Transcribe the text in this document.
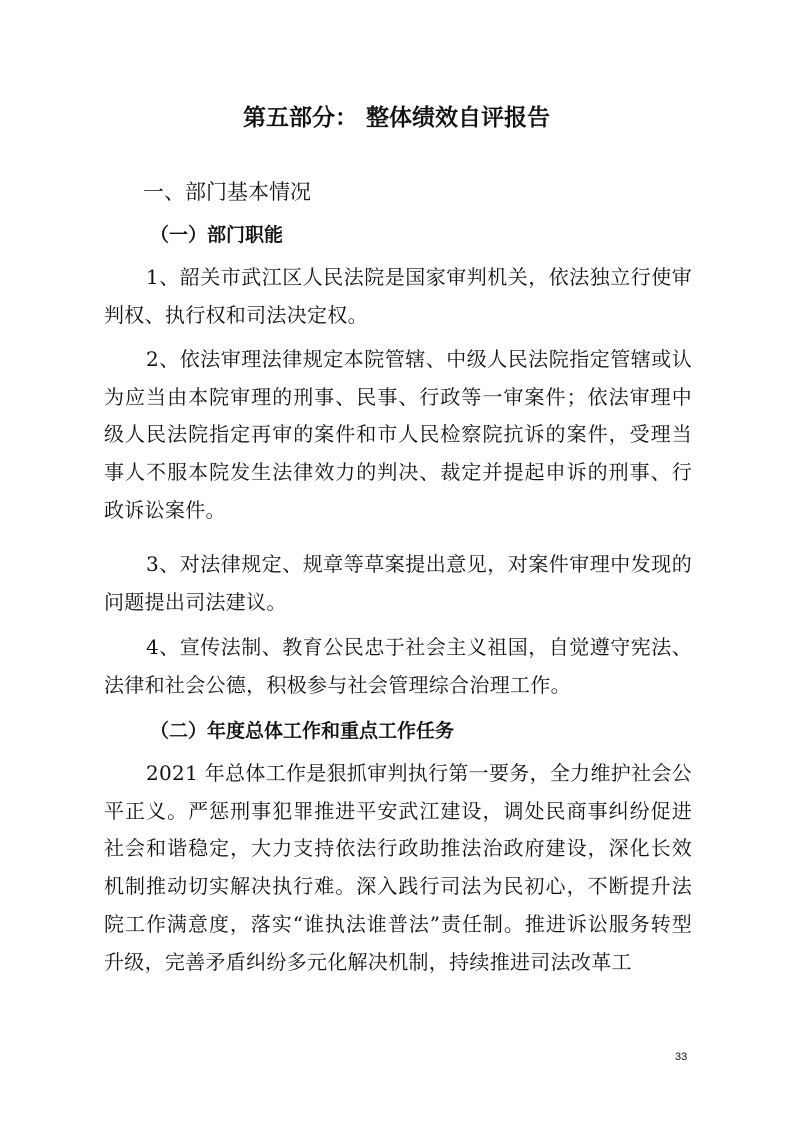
第五部分： 整体绩效自评报告
一、部门基本情况
（一）部门职能
1、韶关市武江区人民法院是国家审判机关，依法独立行使审判权、执行权和司法决定权。
2、依法审理法律规定本院管辖、中级人民法院指定管辖或认为应当由本院审理的刑事、民事、行政等一审案件；依法审理中级人民法院指定再审的案件和市人民检察院抗诉的案件，受理当事人不服本院发生法律效力的判决、裁定并提起申诉的刑事、行政诉讼案件。
3、对法律规定、规章等草案提出意见，对案件审理中发现的问题提出司法建议。
4、宣传法制、教育公民忠于社会主义祖国，自觉遵守宪法、法律和社会公德，积极参与社会管理综合治理工作。
（二）年度总体工作和重点工作任务
2021 年总体工作是狠抓审判执行第一要务，全力维护社会公平正义。严惩刑事犯罪推进平安武江建设，调处民商事纠纷促进社会和谐稳定，大力支持依法行政助推法治政府建设，深化长效机制推动切实解决执行难。深入践行司法为民初心，不断提升法院工作满意度，落实“谁执法谁普法”责任制。推进诉讼服务转型升级，完善矛盾纠纷多元化解决机制，持续推进司法改革工
33
